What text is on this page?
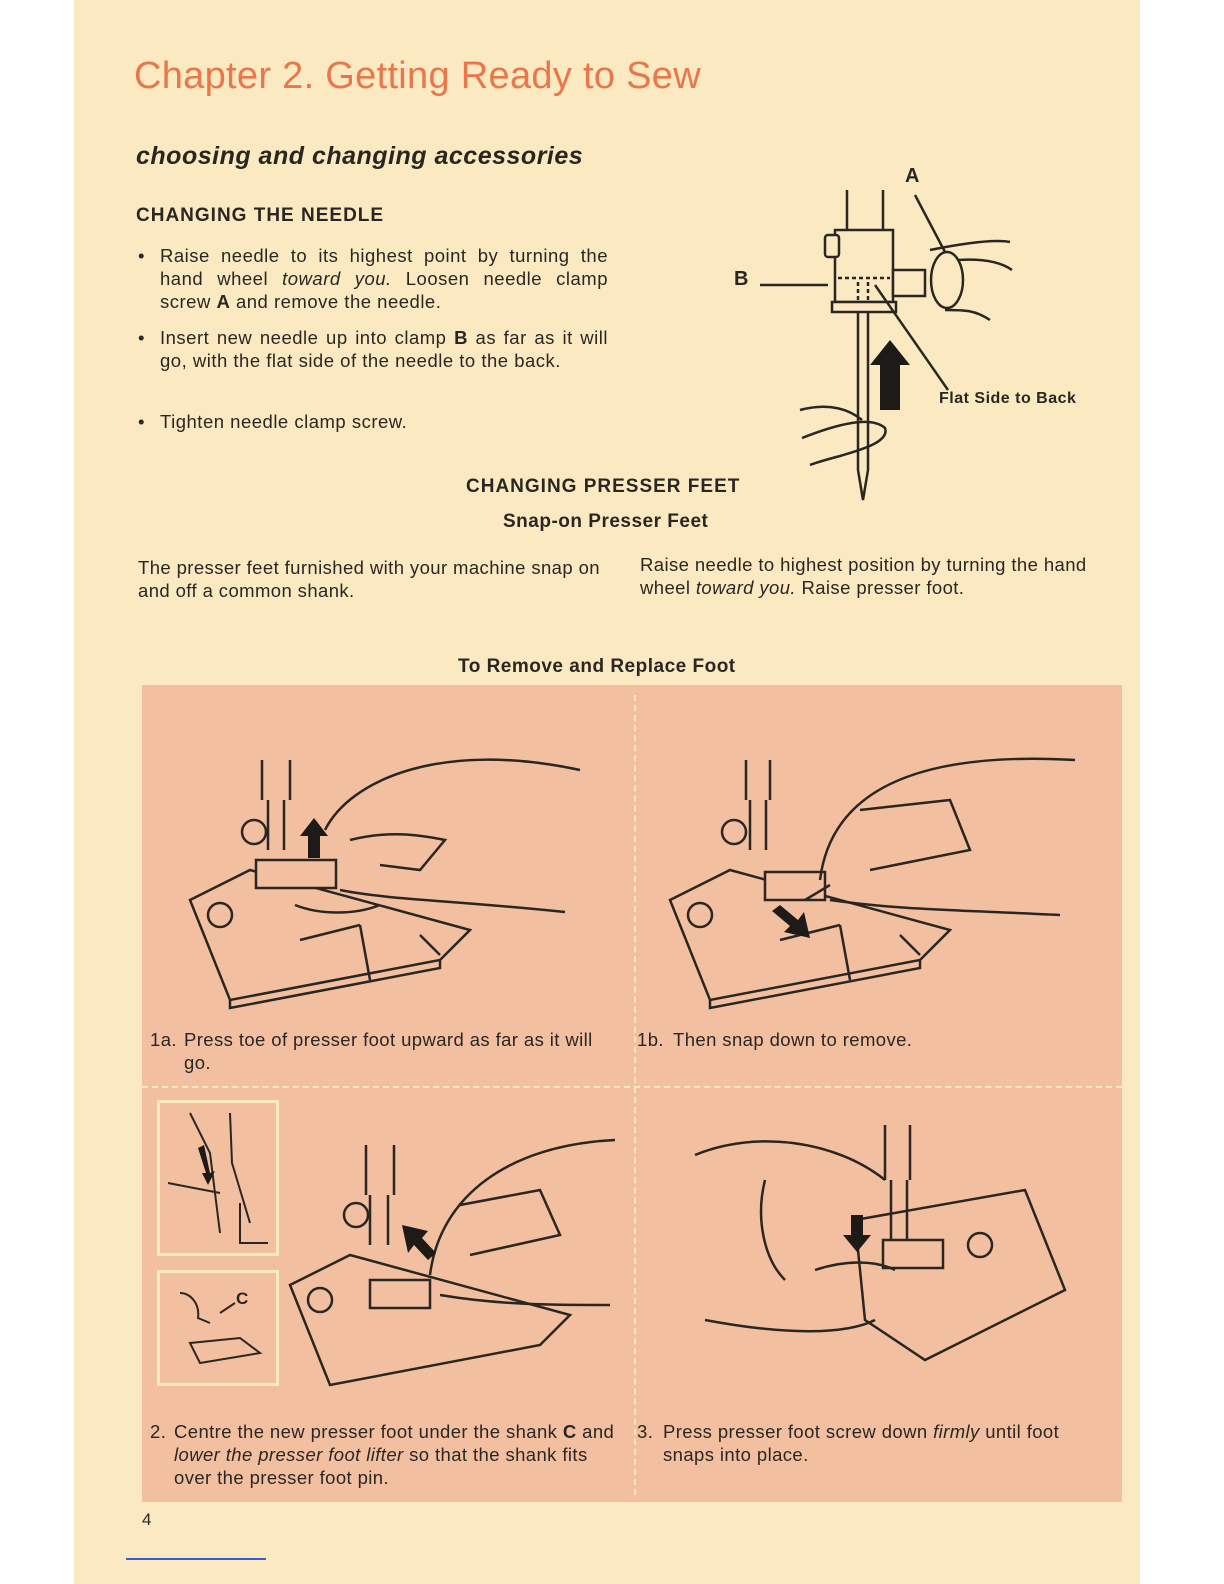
Chapter 2. Getting Ready to Sew
choosing and changing accessories
CHANGING THE NEEDLE
• Raise needle to its highest point by turning the hand wheel toward you. Loosen needle clamp screw A and remove the needle.
• Insert new needle up into clamp B as far as it will go, with the flat side of the needle to the back.
• Tighten needle clamp screw.
A
B
Flat Side to Back
CHANGING PRESSER FEET
Snap-on Presser Feet
The presser feet furnished with your machine snap on and off a common shank.
Raise needle to highest position by turning the hand wheel toward you. Raise presser foot.
To Remove and Replace Foot
1a. Press toe of presser foot upward as far as it will go.
1b. Then snap down to remove.
C
2. Centre the new presser foot under the shank C and lower the presser foot lifter so that the shank fits over the presser foot pin.
3. Press presser foot screw down firmly until foot snaps into place.
4
